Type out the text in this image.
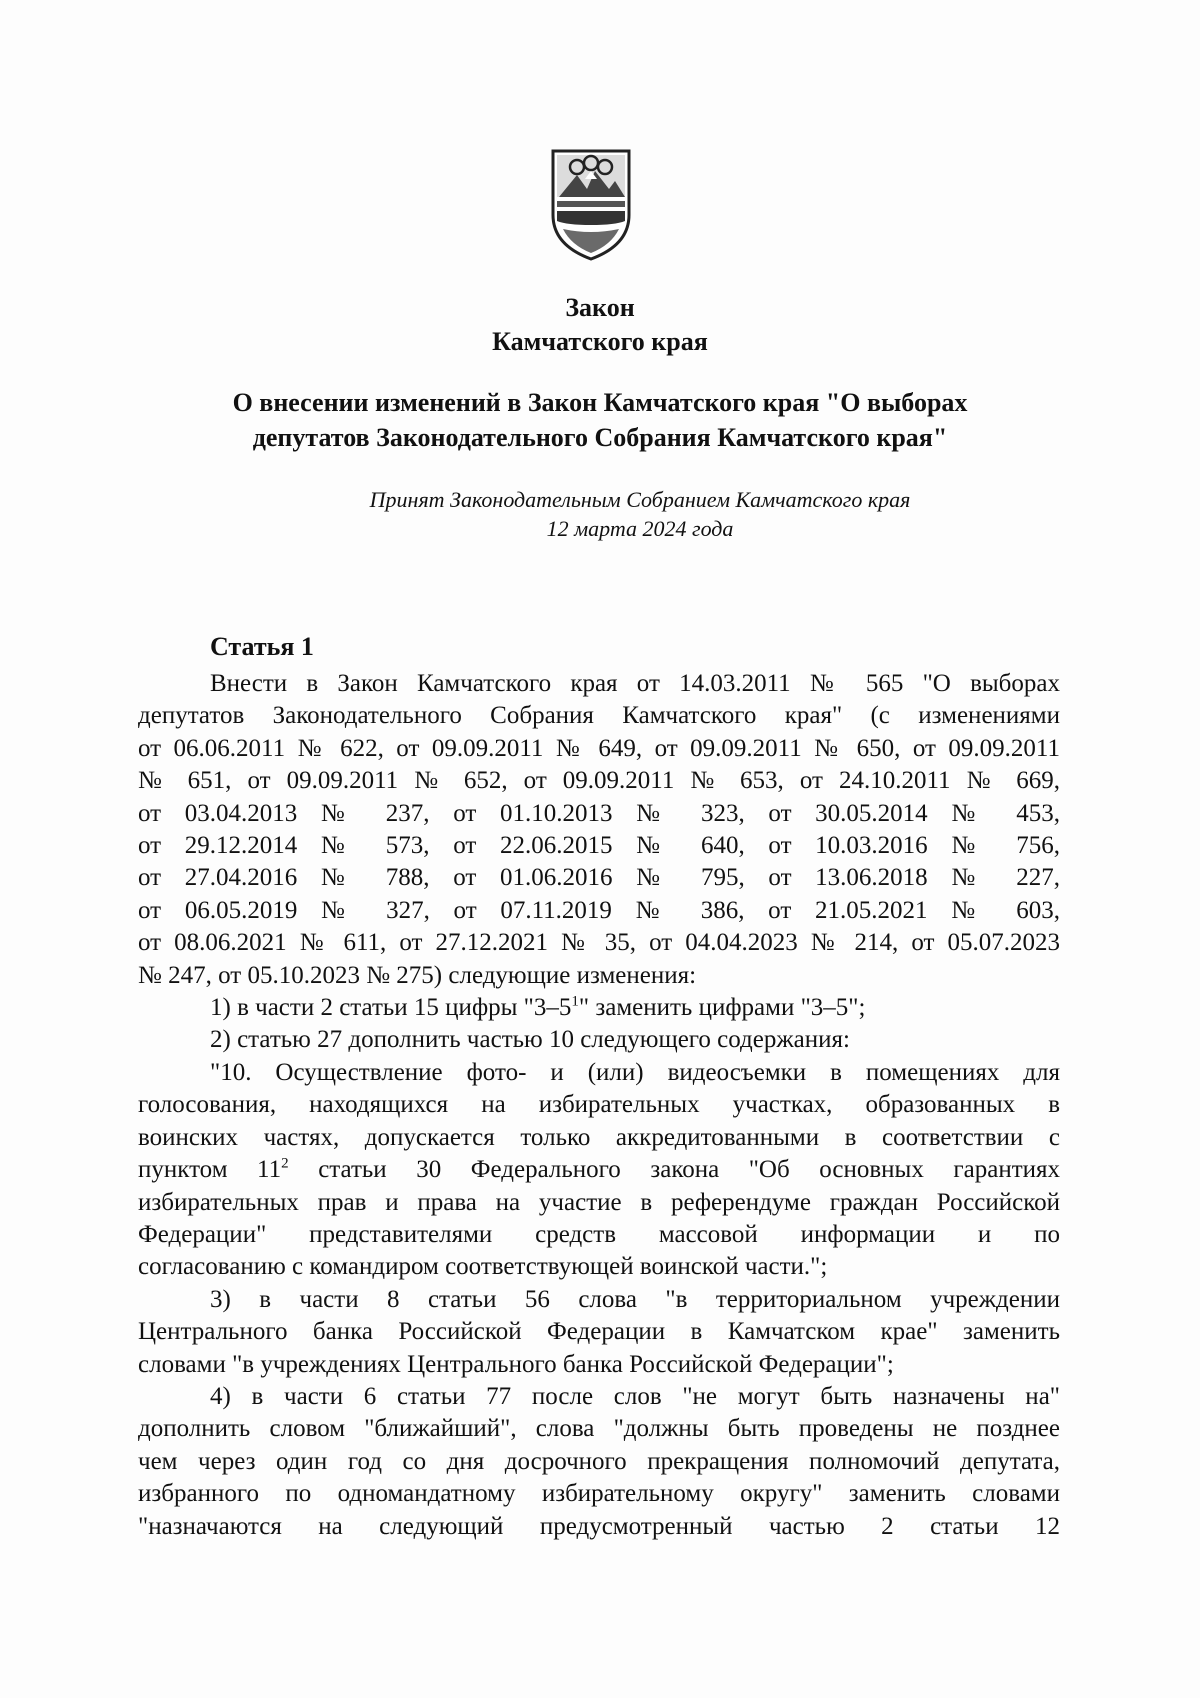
Закон
Камчатского края
О внесении изменений в Закон Камчатского края "О выборах
депутатов Законодательного Собрания Камчатского края"
Принят Законодательным Собранием Камчатского края
12 марта 2024 года
Статья 1

Внести в Закон Камчатского края от 14.03.2011 № 565 "О выборах

депутатов Законодательного Собрания Камчатского края" (с изменениями

от 06.06.2011 № 622, от 09.09.2011 № 649, от 09.09.2011 № 650, от 09.09.2011

№ 651, от 09.09.2011 № 652, от 09.09.2011 № 653, от 24.10.2011 № 669,

от 03.04.2013 № 237, от 01.10.2013 № 323, от 30.05.2014 № 453,

от 29.12.2014 № 573, от 22.06.2015 № 640, от 10.03.2016 № 756,

от 27.04.2016 № 788, от 01.06.2016 № 795, от 13.06.2018 № 227,

от 06.05.2019 № 327, от 07.11.2019 № 386, от 21.05.2021 № 603,

от 08.06.2021 № 611, от 27.12.2021 № 35, от 04.04.2023 № 214, от 05.07.2023

№ 247, от 05.10.2023 № 275) следующие изменения:

1) в части 2 статьи 15 цифры "$3-5^1$" заменить цифрами "3–5";

2) статью 27 дополнить частью 10 следующего содержания:

"10. Осуществление фото- и (или) видеосъемки в помещениях для

голосования, находящихся на избирательных участках, образованных в

воинских частях, допускается только аккредитованными в соответствии с

пунктом $11^2$ статьи 30 Федерального закона "Об основных гарантиях

избирательных прав и права на участие в референдуме граждан Российской

Федерации" представителями средств массовой информации и по

согласованию с командиром соответствующей воинской части.";

3) в части 8 статьи 56 слова "в территориальном учреждении

Центрального банка Российской Федерации в Камчатском крае" заменить

словами "в учреждениях Центрального банка Российской Федерации";

4) в части 6 статьи 77 после слов "не могут быть назначены на"

дополнить словом "ближайший", слова "должны быть проведены не позднее

чем через один год со дня досрочного прекращения полномочий депутата,

избранного по одномандатному избирательному округу" заменить словами

"назначаются на следующий предусмотренный частью 2 статьи 12
